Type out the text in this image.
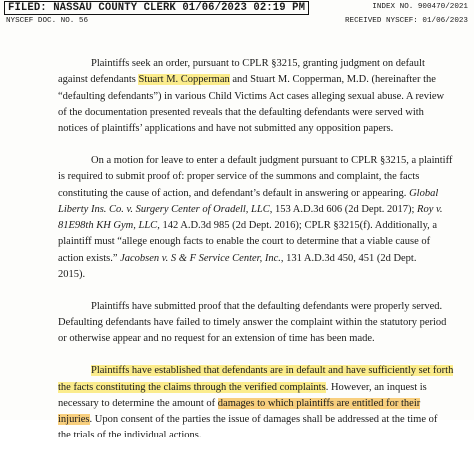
FILED: NASSAU COUNTY CLERK 01/06/2023 02:19 PM	INDEX NO. 900470/2021
NYSCEF DOC. NO. 56	RECEIVED NYSCEF: 01/06/2023
Plaintiffs seek an order, pursuant to CPLR §3215, granting judgment on default
against defendants Stuart M. Copperman and Stuart M. Copperman, M.D. (hereinafter the
“defaulting defendants”) in various Child Victims Act cases alleging sexual abuse. A review
of the documentation presented reveals that the defaulting defendants were served with
notices of plaintiffs’ applications and have not submitted any opposition papers.
On a motion for leave to enter a default judgment pursuant to CPLR §3215, a plaintiff
is required to submit proof of: proper service of the summons and complaint, the facts
constituting the cause of action, and defendant’s default in answering or appearing. Global
Liberty Ins. Co. v. Surgery Center of Oradell, LLC, 153 A.D.3d 606 (2d Dept. 2017); Roy v.
81E98th KH Gym, LLC, 142 A.D.3d 985 (2d Dept. 2016); CPLR §3215(f). Additionally, a
plaintiff must “allege enough facts to enable the court to determine that a viable cause of
action exists.” Jacobsen v. S & F Service Center, Inc., 131 A.D.3d 450, 451 (2d Dept.
2015).
Plaintiffs have submitted proof that the defaulting defendants were properly served.
Defaulting defendants have failed to timely answer the complaint within the statutory period
or otherwise appear and no request for an extension of time has been made.
Plaintiffs have established that defendants are in default and have sufficiently set forth
the facts constituting the claims through the verified complaints. However, an inquest is
necessary to determine the amount of damages to which plaintiffs are entitled for their
injuries. Upon consent of the parties the issue of damages shall be addressed at the time of
the trials of the individual actions.
